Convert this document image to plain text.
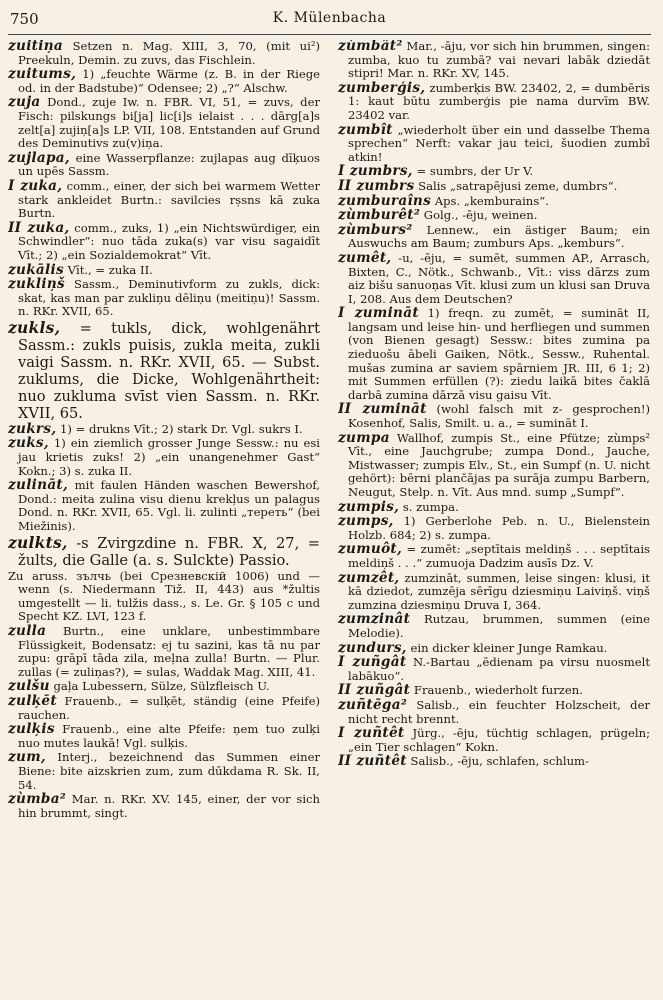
750	K. Mülenbacha
zuitiņa Setzen n. Mag. XIII, 3, 70, (mit ui²) Preekuln, Demin. zu zuvs, das Fischlein.
zuitums, 1) „feuchte Wärme (z. B. in der Riege od. in der Badstube)“ Odensee; 2) „?“ Alschw.
zuja Dond., zuje Iw. n. FBR. VI, 51, = zuvs, der Fisch: pilskungs bi[ja] lic[i]s ielaist . . . dārg[a]s zelt[a] zujiņ[a]s LP. VII, 108. Entstanden auf Grund des Deminutivs zu(v)iņa.
zujlapa, eine Wasserpflanze: zujlapas aug dīķuos un upēs Sassm.
I zuka, comm., einer, der sich bei warmem Wetter stark ankleidet Burtn.: savilcies rṣsns kā zuka Burtn.
II zuka, comm., zuks, 1) „ein Nichtswürdiger, ein Schwindler“: nuo tāda zuka(s) var visu sagaidīt Vīt.; 2) „ein Sozialdemokrat“ Vīt.
zukālis Vīt., = zuka II.
zukliņš Sassm., Deminutivform zu zukls, dick: skat, kas man par zukliņu dēliņu (meitiņu)! Sassm. n. RKr. XVII, 65.
zukls, = tukls, dick, wohlgenährt Sassm.: zukls puisis, zukla meita, zukli vaigi Sassm. n. RKr. XVII, 65. — Subst. zuklums, die Dicke, Wohlgenährtheit: nuo zukluma svīst vien Sassm. n. RKr. XVII, 65.
zukrs, 1) = drukns Vīt.; 2) stark Dr. Vgl. sukrs I.
zuks, 1) ein ziemlich grosser Junge Sessw.: nu esi jau krietis zuks! 2) „ein unangenehmer Gast“ Kokn.; 3) s. zuka II.
zulināt, mit faulen Händen waschen Bewershof, Dond.: meita zulina visu dienu krekļus un palagus Dond. n. RKr. XVII, 65. Vgl. li. zulinti „тереть“ (bei Miežinis).
zulkts, -s Zvirgzdine n. FBR. X, 27, = žults, die Galle (a. s. Sulckte) Passio.
Zu aruss. зълчь (bei Срезневскій 1006) und — wenn (s. Niedermann Tiž. II, 443) aus *žultis umgestellt — li. tulžis dass., s. Le. Gr. § 105 c und Specht KZ. LVI, 123 f.
zulla Burtn., eine unklare, unbestimmbare Flüssigkeit, Bodensatz: ej tu sazini, kas tā nu par zupu: grāpī tāda zila, meļna zulla! Burtn. — Plur. zullas (= zuliņas?), = sulas, Waddak Mag. XIII, 41.
zulšu gaļa Lubessern, Sülze, Sülzfleisch U.
zulķēt Frauenb., = sulķēt, ständig (eine Pfeife) rauchen.
zulķis Frauenb., eine alte Pfeife: ņem tuo zulķi nuo mutes laukā! Vgl. sulķis.
zum, Interj., bezeichnend das Summen einer Biene: bite aizskrien zum, zum dūkdama R. Sk. II, 54.
zùmba² Mar. n. RKr. XV. 145, einer, der vor sich hin brummt, singt.
zùmbât² Mar., -āju, vor sich hin brummen, singen: zumba, kuo tu zumbā? vai nevari labāk dziedāt stipri! Mar. n. RKr. XV, 145.
zumberģis, zumberķis BW. 23402, 2, = dumbēris 1: kaut būtu zumberģis pie nama durvīm BW. 23402 var.
zumbît „wiederholt über ein und dasselbe Thema sprechen“ Nerft: vakar jau teici, šuodien zumbī atkin!
I zumbrs, = sumbrs, der Ur V.
II zumbrs Salis „satrapējusi zeme, dumbrs“.
zumburaîns Aps. „kemburains“.
zùmburêt² Golg., -ēju, weinen.
zùmburs² Lennew., ein ästiger Baum; ein Auswuchs am Baum; zumburs Aps. „kemburs“.
zumêt, -u, -ēju, = sumēt, summen AP., Arrasch, Bixten, C., Nötk., Schwanb., Vīt.: viss dārzs zum aiz bišu sanuoņas Vīt. klusi zum un klusi san Druva I, 208. Aus dem Deutschen?
I zumināt 1) freqn. zu zumēt, = sumināt II, langsam und leise hin- und herfliegen und summen (von Bienen gesagt) Sessw.: bites zumina pa zieduošu ābeli Gaiken, Nötk., Sessw., Ruhental. mušas zumina ar saviem spārniem JR. III, 6 1; 2) mit Summen erfüllen (?): ziedu laikā bites čaklā darbā zumina dārzā visu gaisu Vīt.
II zumināt (wohl falsch mit z- gesprochen!) Kosenhof, Salis, Smilt. u. a., = sumināt I.
zumpa Wallhof, zumpis St., eine Pfütze; zùmps² Vīt., eine Jauchgrube; zumpa Dond., Jauche, Mistwasser; zumpis Elv., St., ein Sumpf (n. U. nicht gehört): bērni plančājas pa surāja zumpu Barbern, Neugut, Stelp. n. Vīt. Aus mnd. sump „Sumpf“.
zumpis, s. zumpa.
zumps, 1) Gerberlohe Peb. n. U., Bielenstein Holzb. 684; 2) s. zumpa.
zumuôt, = zumēt: „septītais meldiņš . . . septītais meldiņš . . .“ zumuoja Dadzim ausīs Dz. V.
zumzêt, zumzināt, summen, leise singen: klusi, it kā dziedot, zumzēja sērīgu dziesmiņu Laiviņš. viņš zumzina dziesmiņu Druva I, 364.
zumzinât Rutzau, brummen, summen (eine Melodie).
zundurs, ein dicker kleiner Junge Ramkau.
I zuñgât N.-Bartau „ēdienam pa virsu nuosmelt labākuo“.
II zuñgât Frauenb., wiederholt furzen.
zuñtēga² Salisb., ein feuchter Holzscheit, der nicht recht brennt.
I zuñtêt Jürg., -ēju, tüchtig schlagen, prügeln; „ein Tier schlagen“ Kokn.
II zuñtêt Salisb., -ēju, schlafen, schlum-
